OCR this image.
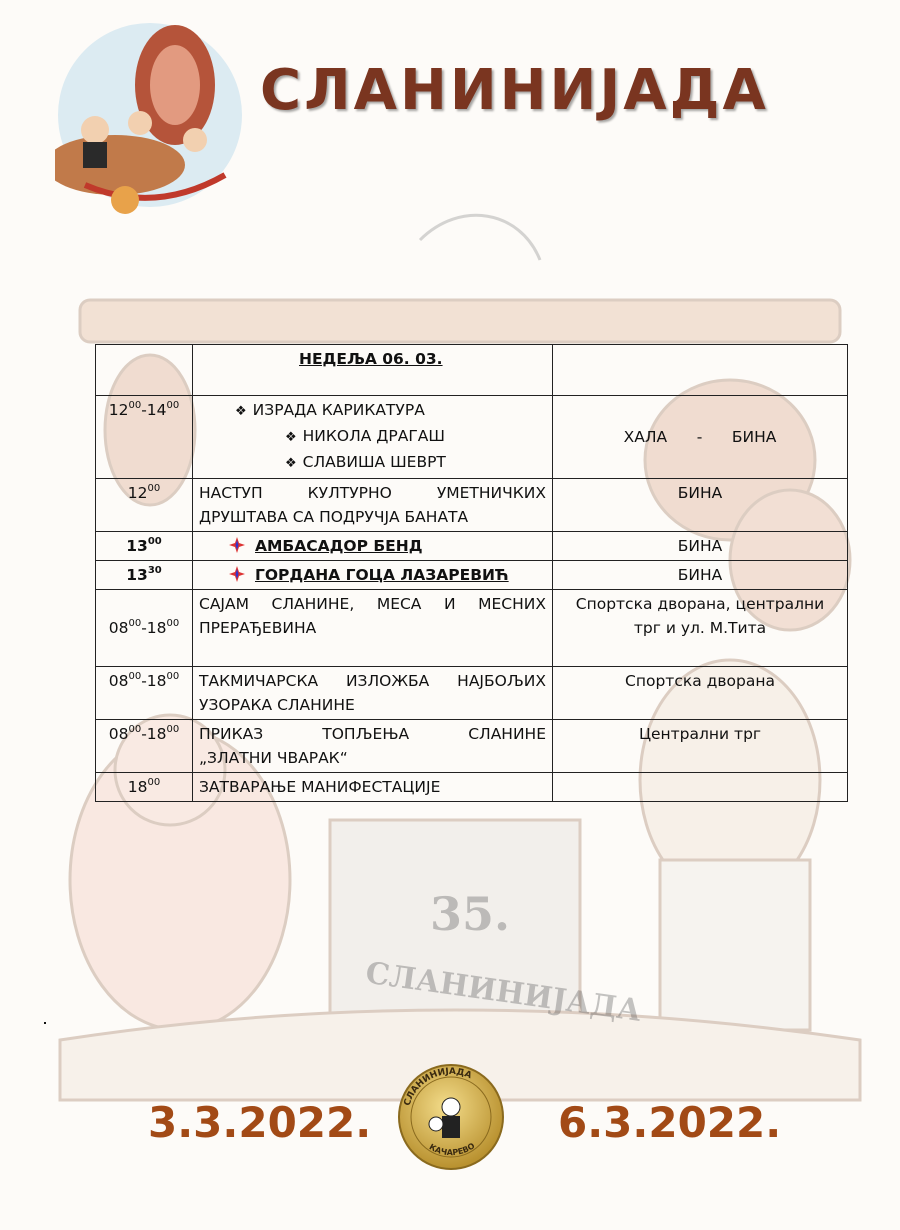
35.
СЛАНИНИЈАДА
СЛАНИНИЈАДА

	НЕДЕЉА 06. 03.	

$12^{00}-14^{00}$	❖ ИЗРАДА КАРИКАТУРА
❖ НИКОЛА ДРАГАШ
❖ СЛАВИША ШЕВРТ	ХАЛА      -      БИНА
$12^{00}$	НАСТУП КУЛТУРНО УМЕТНИЧКИХ
ДРУШТАВА СА ПОДРУЧЈА БАНАТА	БИНА
$13^{00}$	АМБАСАДОР БЕНД	БИНА
$13^{30}$	ГОРДАНА ГОЦА ЛАЗАРЕВИЋ	БИНА
$08^{00}-18^{00}$	САЈАМ СЛАНИНЕ, МЕСА И МЕСНИХ
ПРЕРАЂЕВИНА	Спортска дворана, централни
трг и ул. М.Тита

$08^{00}-18^{00}$	ТАКМИЧАРСКА ИЗЛОЖБА НАЈБОЉИХ
УЗОРАКА СЛАНИНЕ	Спортска дворана
$08^{00}-18^{00}$	ПРИКАЗ      ТОПЉЕЊА      СЛАНИНЕ
„ЗЛАТНИ ЧВАРАК“	Централни трг
$18^{00}$	ЗАТВАРАЊЕ МАНИФЕСТАЦИЈЕ	
3.3.2022.	СЛАНИНИЈАДА
КАЧАРЕВО 6.3.2022.
